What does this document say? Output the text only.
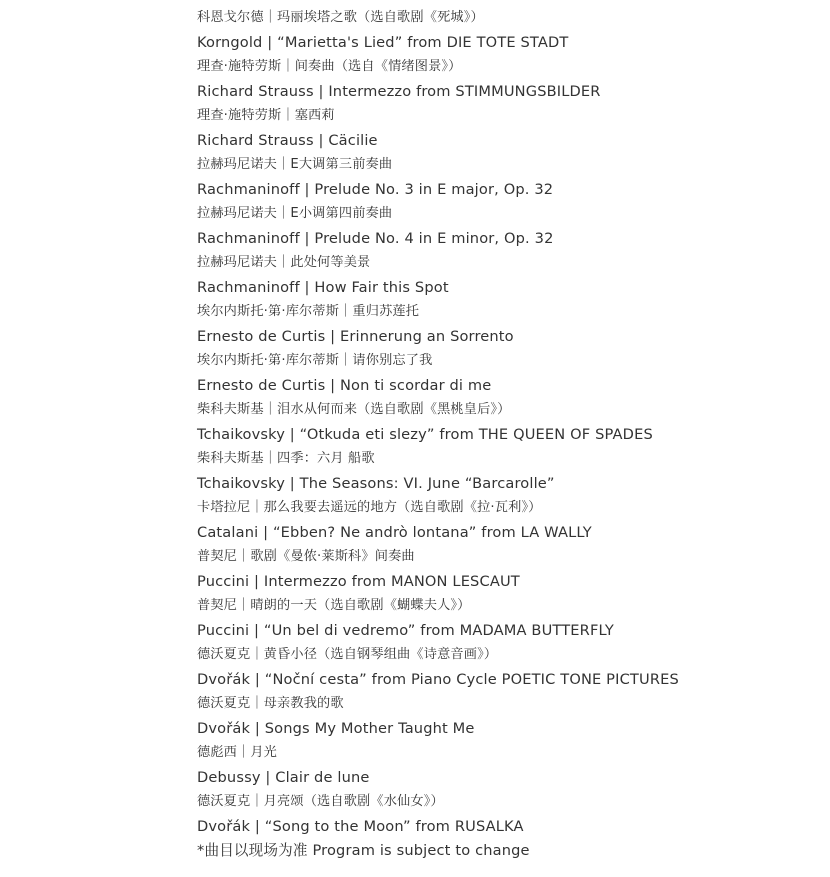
科恩戈尔德｜玛丽埃塔之歌（选自歌剧《死城》）
Korngold | “Marietta's Lied” from DIE TOTE STADT
理查·施特劳斯｜间奏曲（选自《情绪图景》）
Richard Strauss | Intermezzo from STIMMUNGSBILDER
理查·施特劳斯｜塞西莉
Richard Strauss | Cäcilie
拉赫玛尼诺夫｜E大调第三前奏曲
Rachmaninoff | Prelude No. 3 in E major, Op. 32
拉赫玛尼诺夫｜E小调第四前奏曲
Rachmaninoff | Prelude No. 4 in E minor, Op. 32
拉赫玛尼诺夫｜此处何等美景
Rachmaninoff | How Fair this Spot
埃尔内斯托·第·库尔蒂斯｜重归苏莲托
Ernesto de Curtis | Erinnerung an Sorrento
埃尔内斯托·第·库尔蒂斯｜请你别忘了我
Ernesto de Curtis | Non ti scordar di me
柴科夫斯基｜泪水从何而来（选自歌剧《黑桃皇后》）
Tchaikovsky | “Otkuda eti slezy” from THE QUEEN OF SPADES
柴科夫斯基｜四季：六月 船歌
Tchaikovsky | The Seasons: VI. June “Barcarolle”
卡塔拉尼｜那么我要去遥远的地方（选自歌剧《拉·瓦利》）
Catalani | “Ebben? Ne andrò lontana” from LA WALLY
普契尼｜歌剧《曼侬·莱斯科》间奏曲
Puccini | Intermezzo from MANON LESCAUT
普契尼｜晴朗的一天（选自歌剧《蝴蝶夫人》）
Puccini | “Un bel di vedremo” from MADAMA BUTTERFLY
德沃夏克｜黄昏小径（选自钢琴组曲《诗意音画》）
Dvořák | “Noční cesta” from Piano Cycle POETIC TONE PICTURES
德沃夏克｜母亲教我的歌
Dvořák | Songs My Mother Taught Me
德彪西｜月光
Debussy | Clair de lune
德沃夏克｜月亮颂（选自歌剧《水仙女》）
Dvořák | “Song to the Moon” from RUSALKA
*曲目以现场为准 Program is subject to change
